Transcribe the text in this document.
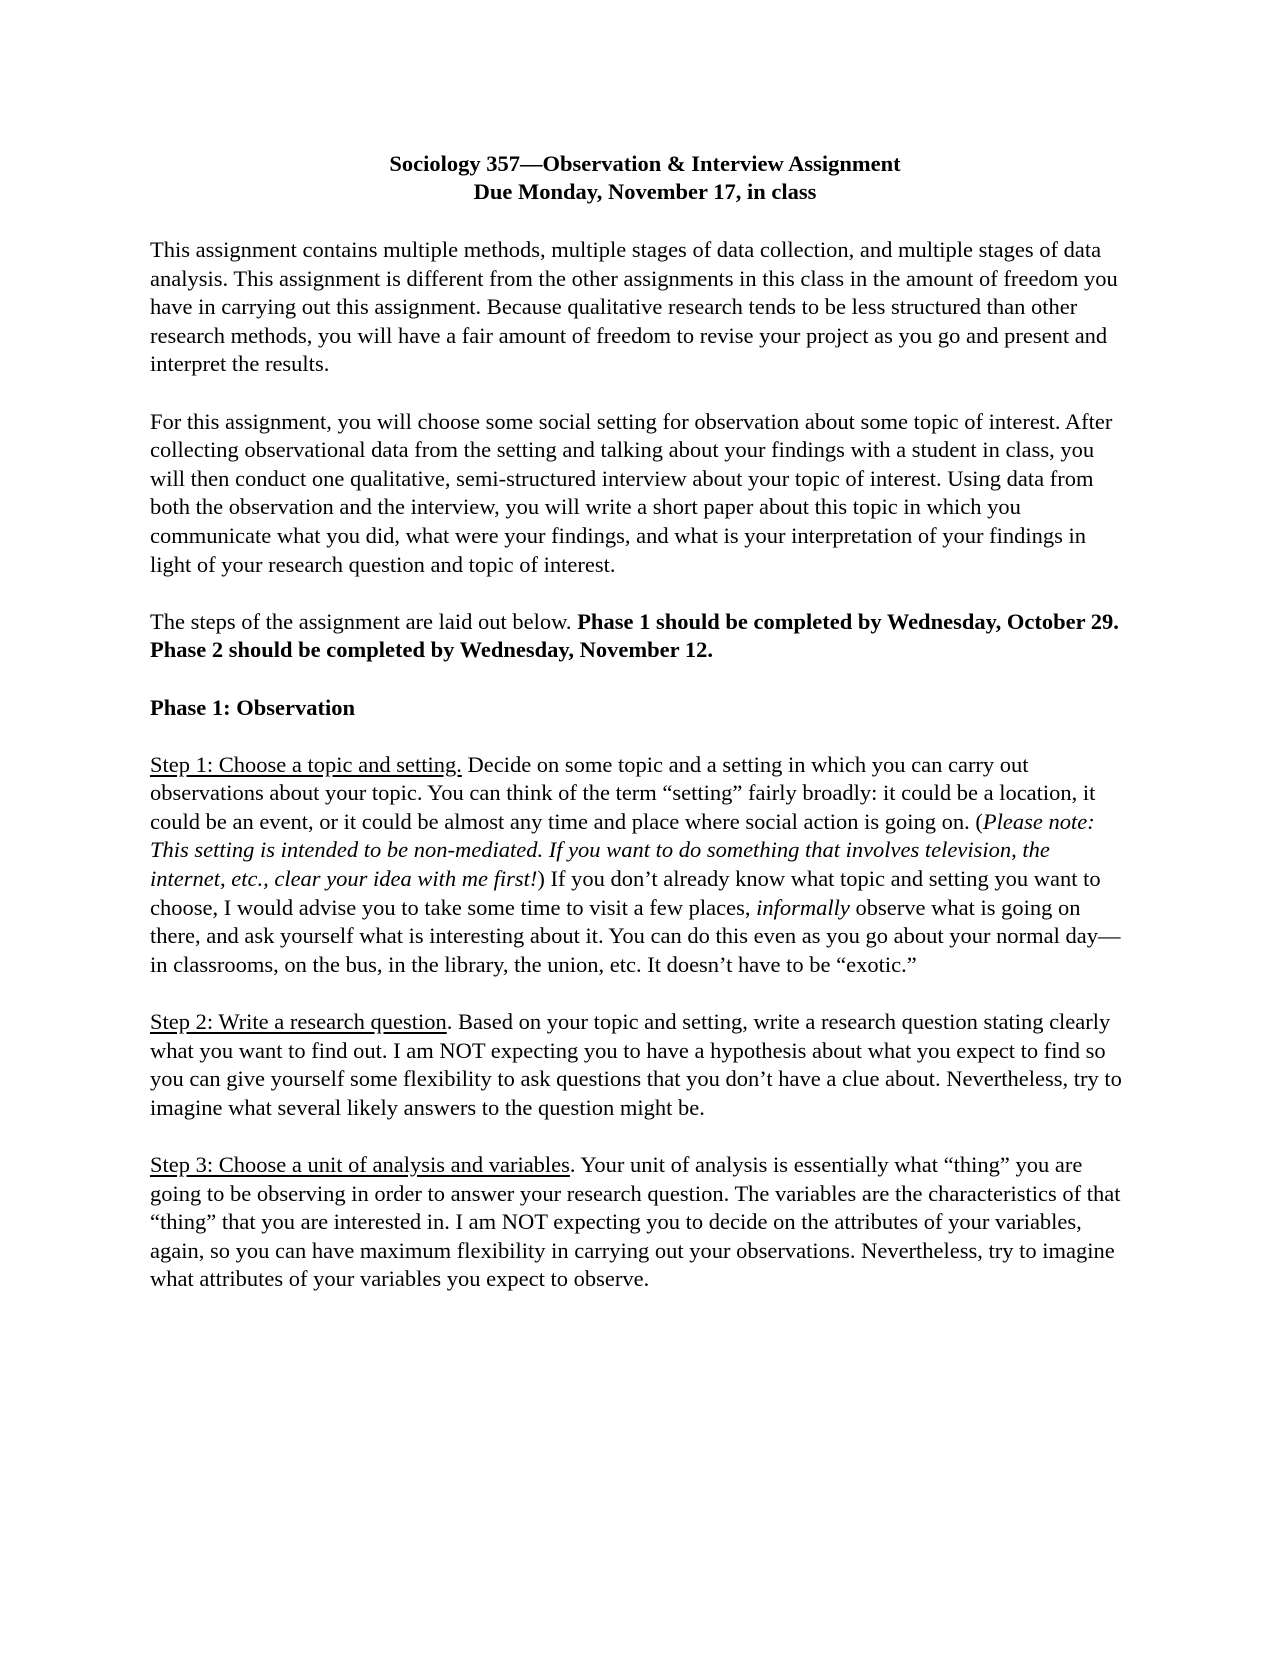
Sociology 357—Observation & Interview Assignment
Due Monday, November 17, in class

This assignment contains multiple methods, multiple stages of data collection, and multiple stages of data analysis. This assignment is different from the other assignments in this class in the amount of freedom you have in carrying out this assignment. Because qualitative research tends to be less structured than other research methods, you will have a fair amount of freedom to revise your project as you go and present and interpret the results.

For this assignment, you will choose some social setting for observation about some topic of interest. After collecting observational data from the setting and talking about your findings with a student in class, you will then conduct one qualitative, semi-structured interview about your topic of interest. Using data from both the observation and the interview, you will write a short paper about this topic in which you communicate what you did, what were your findings, and what is your interpretation of your findings in light of your research question and topic of interest.

The steps of the assignment are laid out below. Phase 1 should be completed by Wednesday, October 29. Phase 2 should be completed by Wednesday, November 12.

Phase 1: Observation

Step 1: Choose a topic and setting. Decide on some topic and a setting in which you can carry out observations about your topic. You can think of the term “setting” fairly broadly: it could be a location, it could be an event, or it could be almost any time and place where social action is going on. (Please note: This setting is intended to be non-mediated. If you want to do something that involves television, the internet, etc., clear your idea with me first!) If you don’t already know what topic and setting you want to choose, I would advise you to take some time to visit a few places, informally observe what is going on there, and ask yourself what is interesting about it. You can do this even as you go about your normal day—in classrooms, on the bus, in the library, the union, etc. It doesn’t have to be “exotic.”

Step 2: Write a research question. Based on your topic and setting, write a research question stating clearly what you want to find out. I am NOT expecting you to have a hypothesis about what you expect to find so you can give yourself some flexibility to ask questions that you don’t have a clue about. Nevertheless, try to imagine what several likely answers to the question might be.

Step 3: Choose a unit of analysis and variables. Your unit of analysis is essentially what “thing” you are going to be observing in order to answer your research question. The variables are the characteristics of that “thing” that you are interested in. I am NOT expecting you to decide on the attributes of your variables, again, so you can have maximum flexibility in carrying out your observations. Nevertheless, try to imagine what attributes of your variables you expect to observe.
